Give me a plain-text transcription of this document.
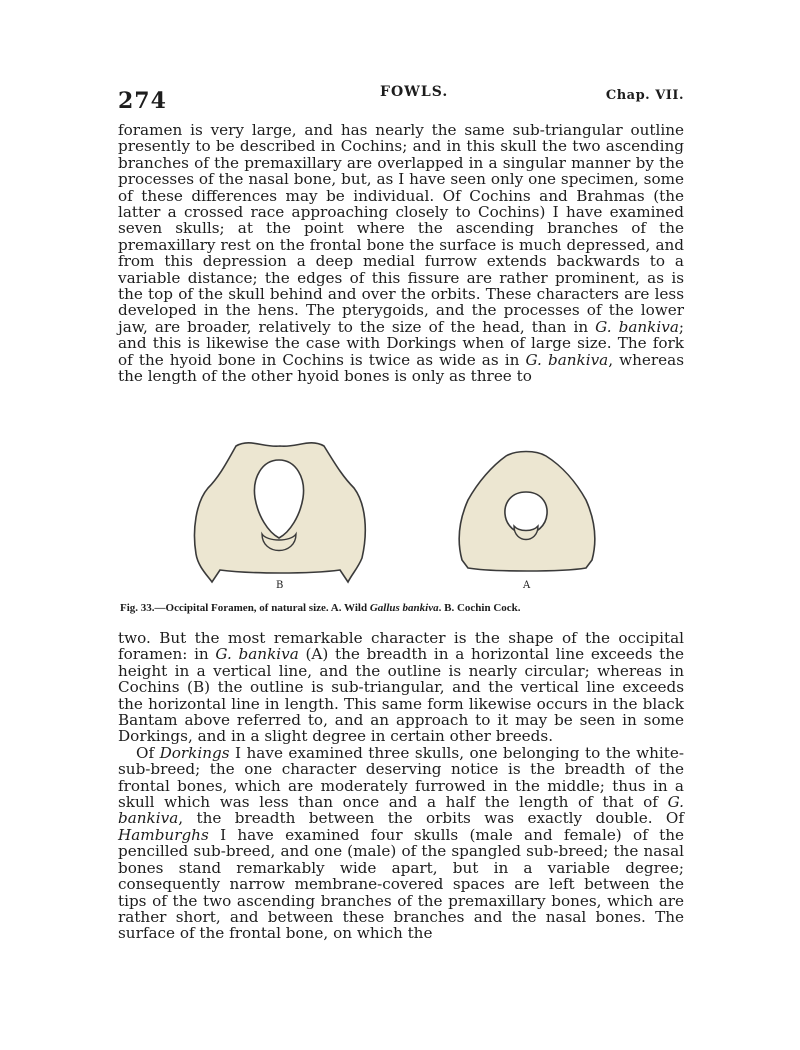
274	FOWLS.	Chap. VII.

foramen is very large, and has nearly the same sub-triangular outline presently to be described in Cochins; and in this skull the two ascending branches of the premaxillary are overlapped in a singular manner by the processes of the nasal bone, but, as I have seen only one specimen, some of these differences may be individual. Of Cochins and Brahmas (the latter a crossed race approaching closely to Cochins) I have examined seven skulls; at the point where the ascending branches of the premaxillary rest on the frontal bone the surface is much depressed, and from this depression a deep medial furrow extends backwards to a variable distance; the edges of this fissure are rather prominent, as is the top of the skull behind and over the orbits. These characters are less developed in the hens. The pterygoids, and the processes of the lower jaw, are broader, relatively to the size of the head, than in G. bankiva; and this is likewise the case with Dorkings when of large size. The fork of the hyoid bone in Cochins is twice as wide as in G. bankiva, whereas the length of the other hyoid bones is only as three to

B	A
Fig. 33.—Occipital Foramen, of natural size. A. Wild Gallus bankiva. B. Cochin Cock.

two. But the most remarkable character is the shape of the occipital foramen: in G. bankiva (A) the breadth in a horizontal line exceeds the height in a vertical line, and the outline is nearly circular; whereas in Cochins (B) the outline is sub-triangular, and the vertical line exceeds the horizontal line in length. This same form likewise occurs in the black Bantam above referred to, and an approach to it may be seen in some Dorkings, and in a slight degree in certain other breeds.

Of Dorkings I have examined three skulls, one belonging to the white-sub-breed; the one character deserving notice is the breadth of the frontal bones, which are moderately furrowed in the middle; thus in a skull which was less than once and a half the length of that of G. bankiva, the breadth between the orbits was exactly double. Of Hamburghs I have examined four skulls (male and female) of the pencilled sub-breed, and one (male) of the spangled sub-breed; the nasal bones stand remarkably wide apart, but in a variable degree; consequently narrow membrane-covered spaces are left between the tips of the two ascending branches of the premaxillary bones, which are rather short, and between these branches and the nasal bones. The surface of the frontal bone, on which the
